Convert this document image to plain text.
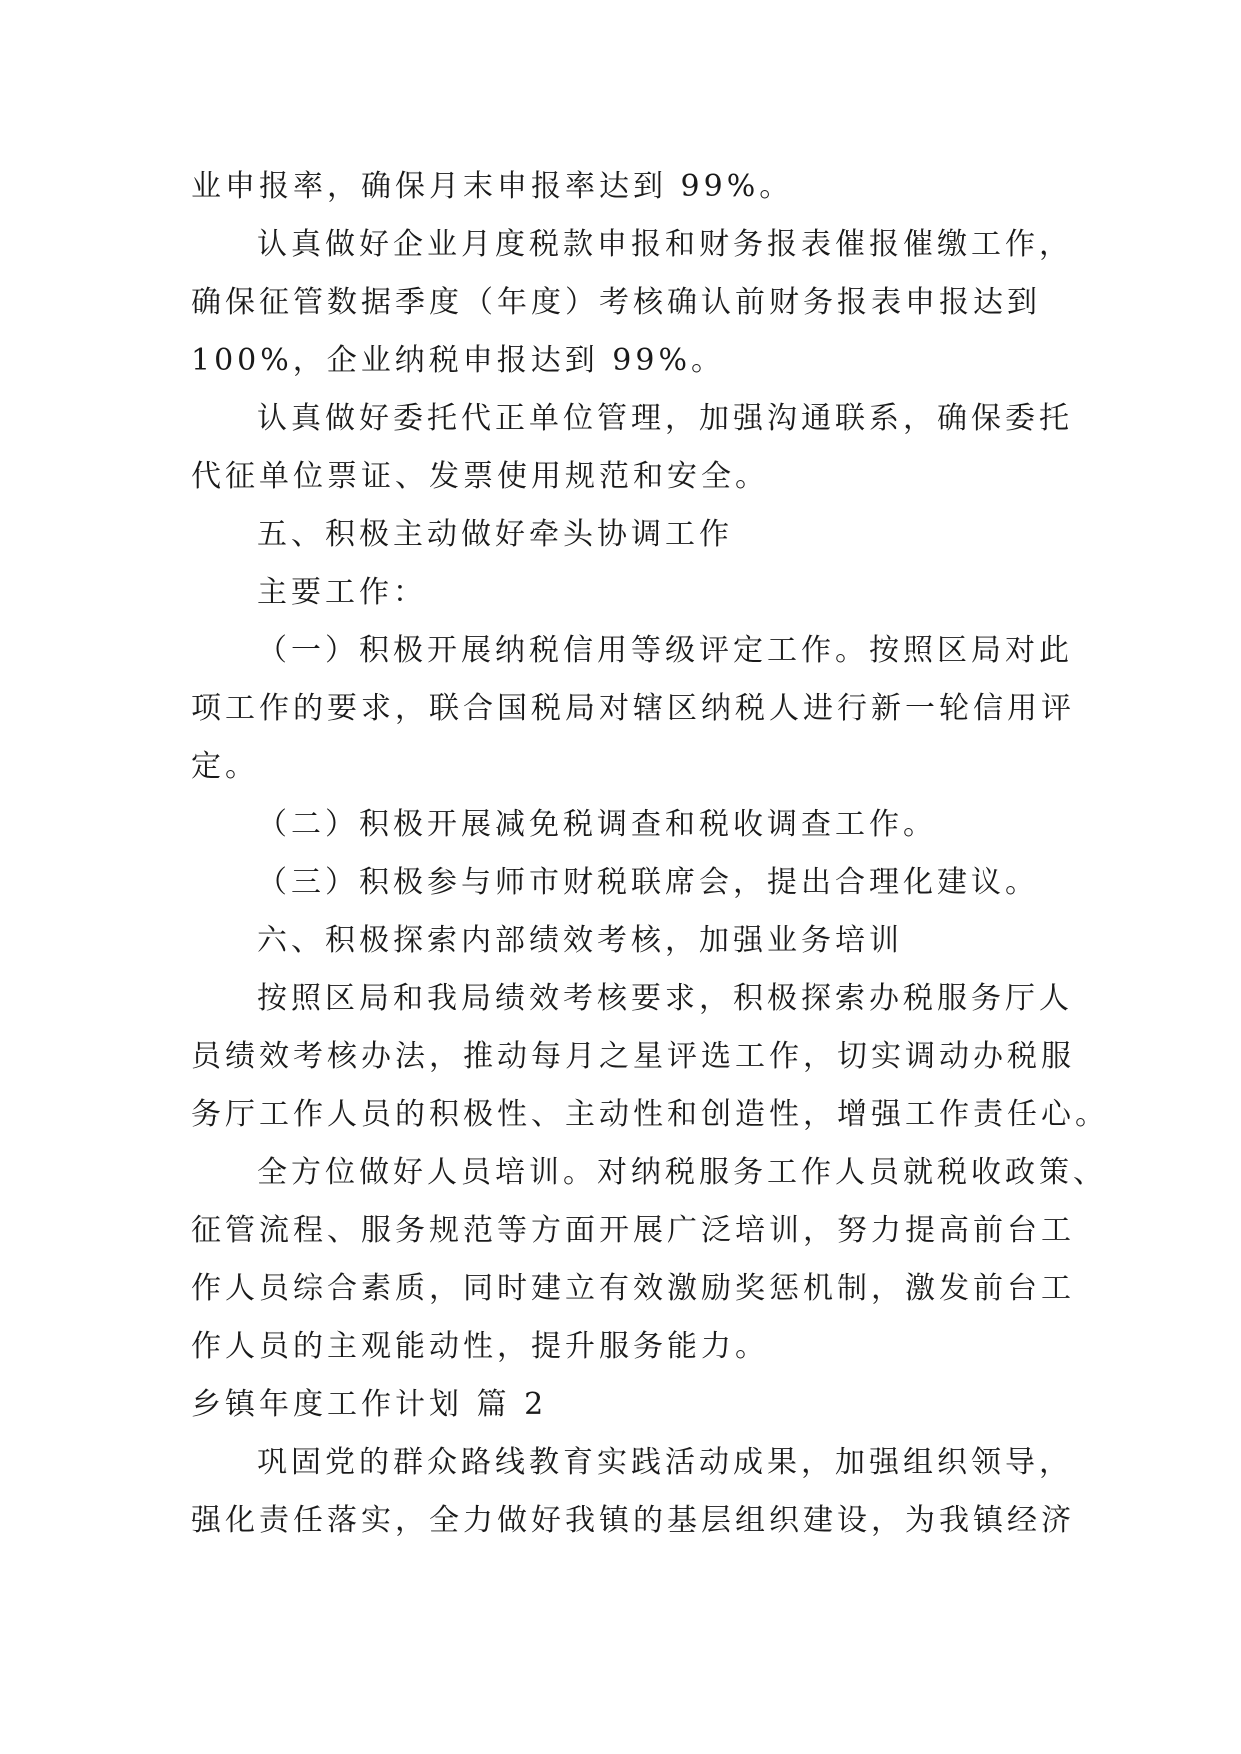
业申报率，确保月末申报率达到 99%。
认真做好企业月度税款申报和财务报表催报催缴工作，
确保征管数据季度（年度）考核确认前财务报表申报达到
100%，企业纳税申报达到 99%。
认真做好委托代正单位管理，加强沟通联系，确保委托
代征单位票证、发票使用规范和安全。
五、积极主动做好牵头协调工作
主要工作：
（一）积极开展纳税信用等级评定工作。按照区局对此
项工作的要求，联合国税局对辖区纳税人进行新一轮信用评
定。
（二）积极开展减免税调查和税收调查工作。
（三）积极参与师市财税联席会，提出合理化建议。
六、积极探索内部绩效考核，加强业务培训
按照区局和我局绩效考核要求，积极探索办税服务厅人
员绩效考核办法，推动每月之星评选工作，切实调动办税服
务厅工作人员的积极性、主动性和创造性，增强工作责任心。
全方位做好人员培训。对纳税服务工作人员就税收政策、
征管流程、服务规范等方面开展广泛培训，努力提高前台工
作人员综合素质，同时建立有效激励奖惩机制，激发前台工
作人员的主观能动性，提升服务能力。
乡镇年度工作计划 篇 2
巩固党的群众路线教育实践活动成果，加强组织领导，
强化责任落实，全力做好我镇的基层组织建设，为我镇经济
